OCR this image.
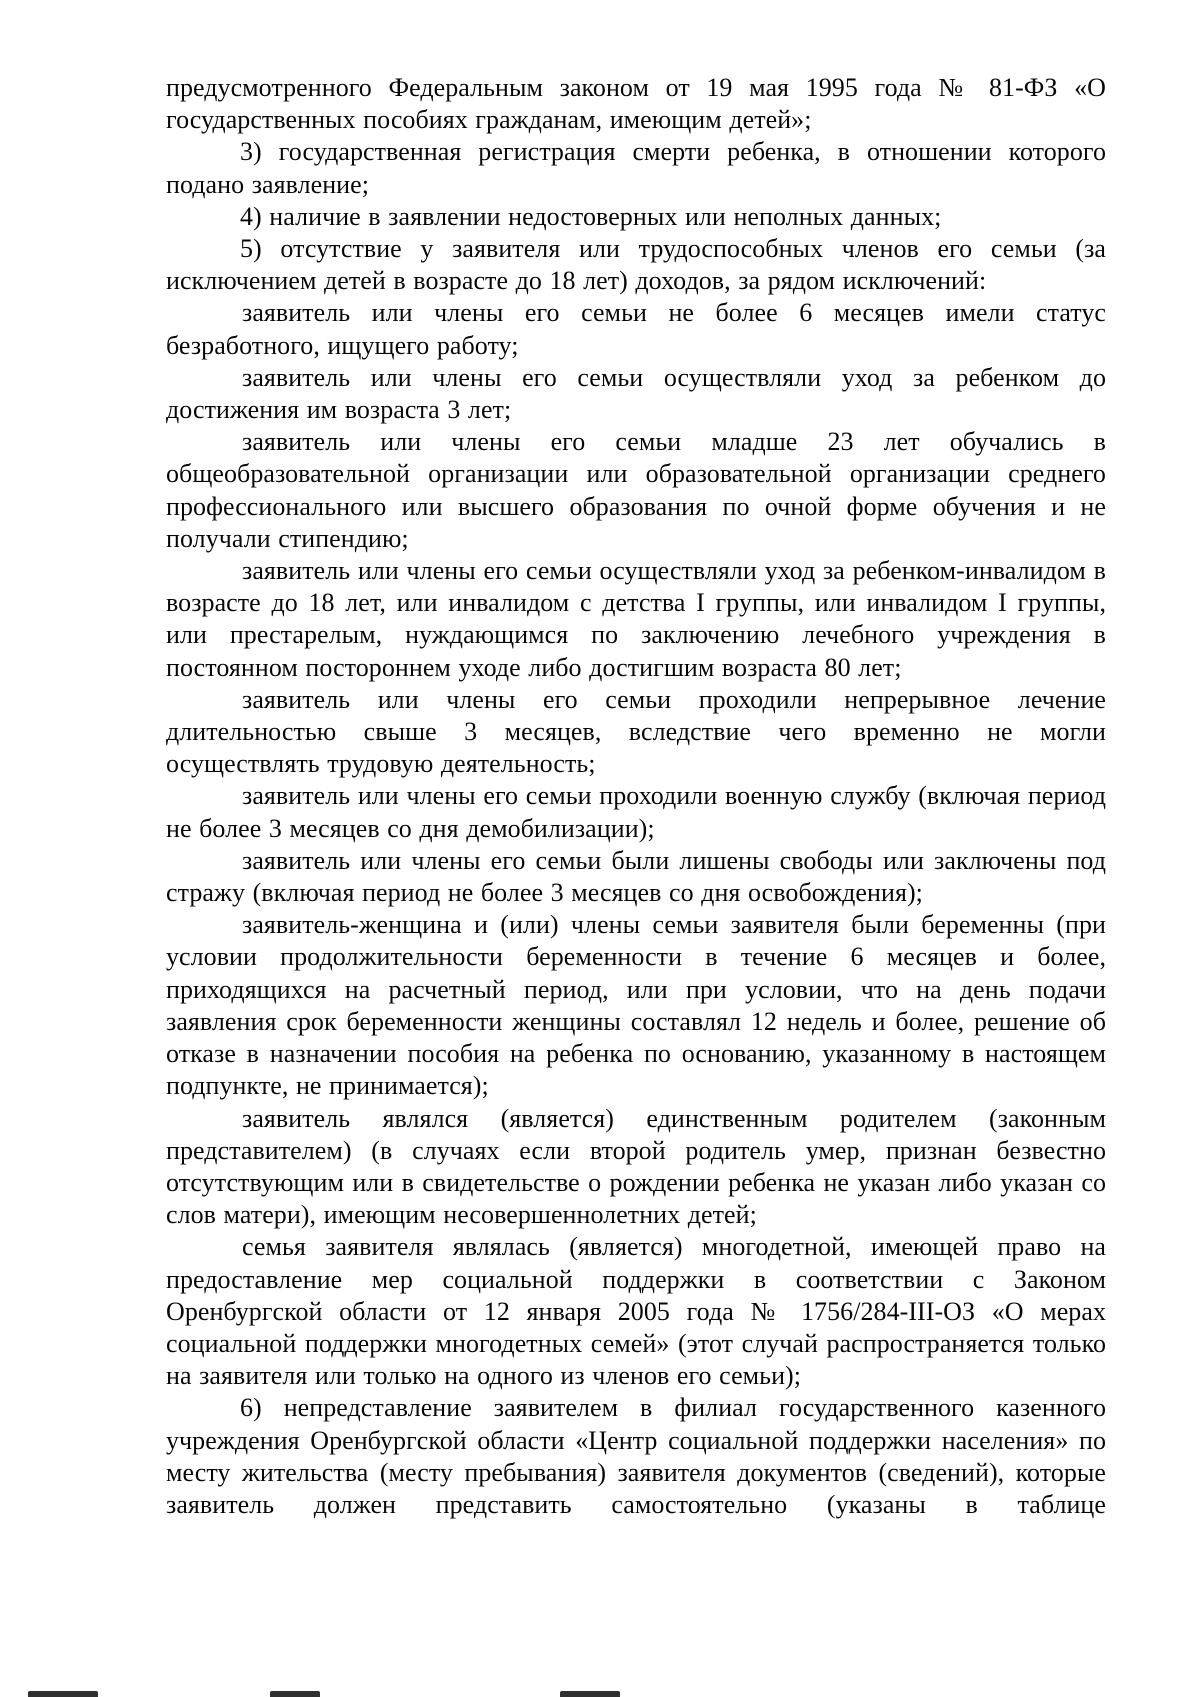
предусмотренного Федеральным законом от 19 мая 1995 года № 81-ФЗ «О государственных пособиях гражданам, имеющим детей»;

3) государственная регистрация смерти ребенка, в отношении которого подано заявление;

4) наличие в заявлении недостоверных или неполных данных;

5) отсутствие у заявителя или трудоспособных членов его семьи (за исключением детей в возрасте до 18 лет) доходов, за рядом исключений:

заявитель или члены его семьи не более 6 месяцев имели статус безработного, ищущего работу;

заявитель или члены его семьи осуществляли уход за ребенком до достижения им возраста 3 лет;

заявитель или члены его семьи младше 23 лет обучались в общеобразовательной организации или образовательной организации среднего профессионального или высшего образования по очной форме обучения и не получали стипендию;

заявитель или члены его семьи осуществляли уход за ребенком-инвалидом в возрасте до 18 лет, или инвалидом с детства I группы, или инвалидом I группы, или престарелым, нуждающимся по заключению лечебного учреждения в постоянном постороннем уходе либо достигшим возраста 80 лет;

заявитель или члены его семьи проходили непрерывное лечение длительностью свыше 3 месяцев, вследствие чего временно не могли осуществлять трудовую деятельность;

заявитель или члены его семьи проходили военную службу (включая период не более 3 месяцев со дня демобилизации);

заявитель или члены его семьи были лишены свободы или заключены под стражу (включая период не более 3 месяцев со дня освобождения);

заявитель-женщина и (или) члены семьи заявителя были беременны (при условии продолжительности беременности в течение 6 месяцев и более, приходящихся на расчетный период, или при условии, что на день подачи заявления срок беременности женщины составлял 12 недель и более, решение об отказе в назначении пособия на ребенка по основанию, указанному в настоящем подпункте, не принимается);

заявитель являлся (является) единственным родителем (законным представителем) (в случаях если второй родитель умер, признан безвестно отсутствующим или в свидетельстве о рождении ребенка не указан либо указан со слов матери), имеющим несовершеннолетних детей;

семья заявителя являлась (является) многодетной, имеющей право на предоставление мер социальной поддержки в соответствии с Законом Оренбургской области от 12 января 2005 года № 1756/284-III-ОЗ «О мерах социальной поддержки многодетных семей» (этот случай распространяется только на заявителя или только на одного из членов его семьи);

6) непредставление заявителем в филиал государственного казенного учреждения Оренбургской области «Центр социальной поддержки населения» по месту жительства (месту пребывания) заявителя документов (сведений), которые заявитель должен представить самостоятельно (указаны в таблице
